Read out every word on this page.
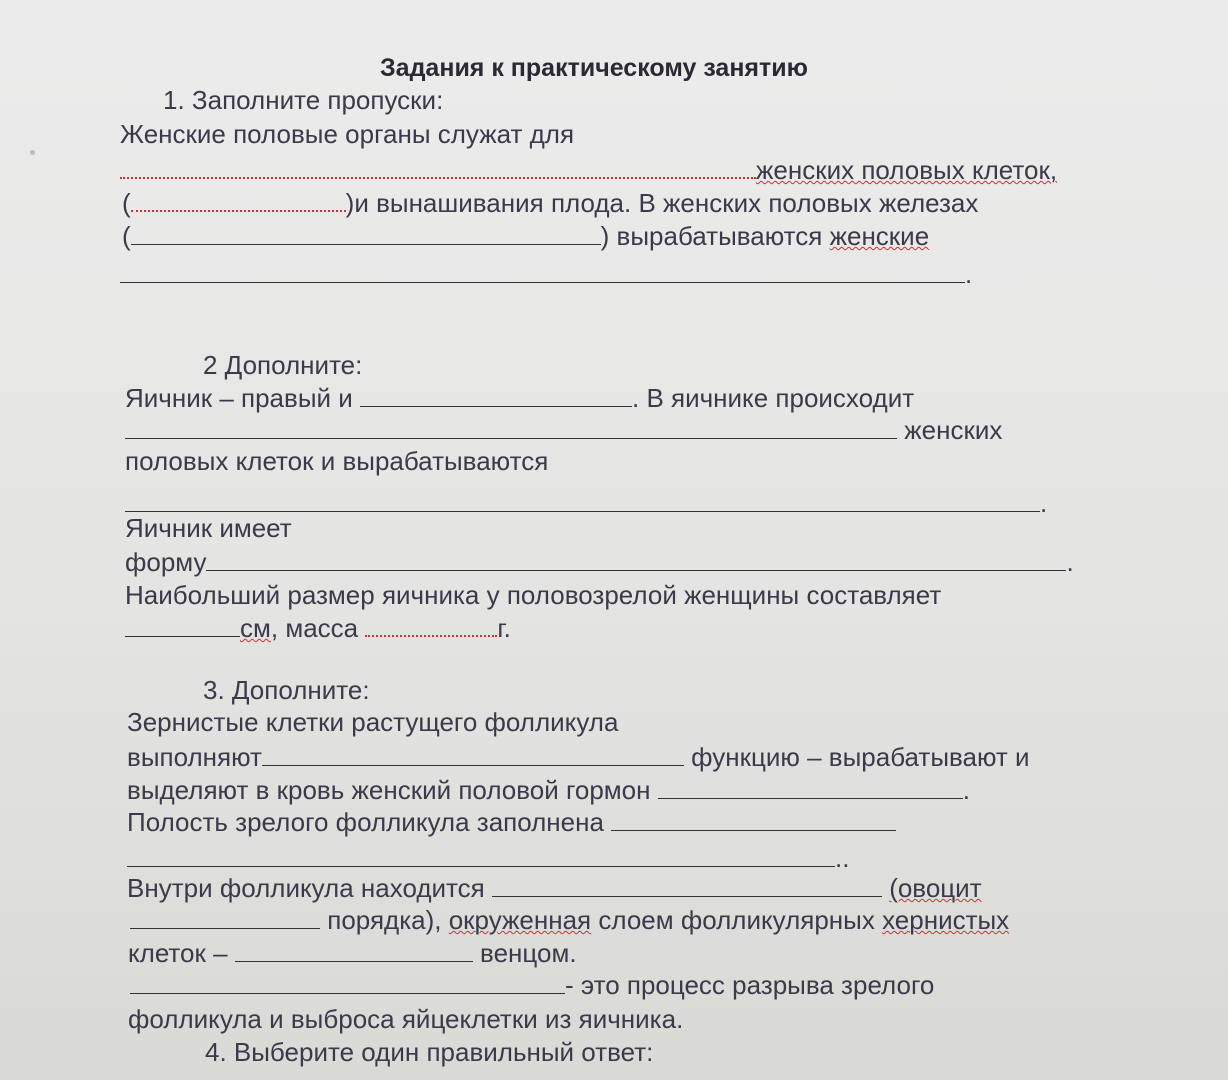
Задания к практическому занятию
1. Заполните пропуски:
Женские половые органы служат для
женских половых клеток,
(	)и вынашивания плода. В женских половых железах
(	) вырабатываются женские
.
2 Дополните:
Яичник – правый и	. В яичнике происходит
женских
половых клеток и вырабатываются
.
Яичник имеет
форму	.
Наибольший размер яичника у половозрелой женщины составляет
см, масса	г.
3. Дополните:
Зернистые клетки растущего фолликула
выполняют	функцию – вырабатывают и
выделяют в кровь женский половой гормон	.
Полость зрелого фолликула заполнена
..
Внутри фолликула находится	(овоцит
порядка), окруженная слоем фолликулярных хернистых
клеток –	венцом.
- это процесс разрыва зрелого
фолликула и выброса яйцеклетки из яичника.
4. Выберите один правильный ответ:
